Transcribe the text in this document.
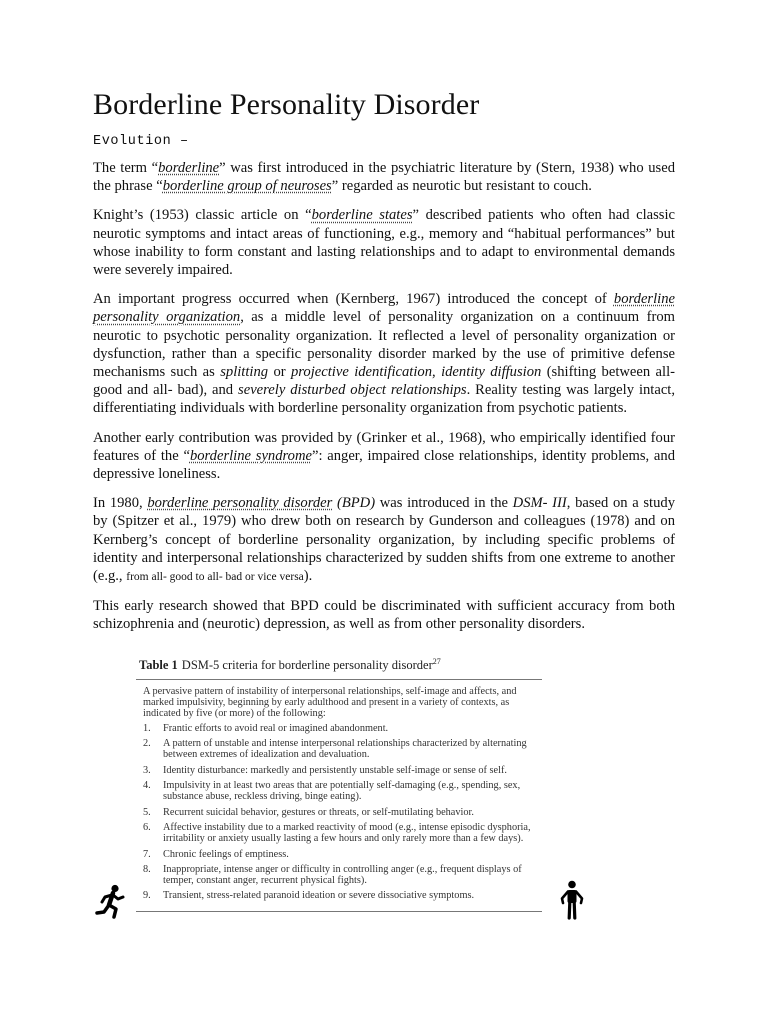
Borderline Personality Disorder
Evolution –

The term “borderline” was first introduced in the psychiatric literature by (Stern, 1938) who used the phrase “borderline group of neuroses” regarded as neurotic but resistant to couch.

Knight’s (1953) classic article on “borderline states” described patients who often had classic neurotic symptoms and intact areas of functioning, e.g., memory and “habitual performances” but whose inability to form constant and lasting relationships and to adapt to environmental demands were severely impaired.

An important progress occurred when (Kernberg, 1967) introduced the concept of borderline personality organization, as a middle level of personality organization on a continuum from neurotic to psychotic personality organization. It reflected a level of personality organization or dysfunction, rather than a specific personality disorder marked by the use of primitive defense mechanisms such as splitting or projective identification, identity diffusion (shifting between all- good and all- bad), and severely disturbed object relationships. Reality testing was largely intact, differentiating individuals with borderline personality organization from psychotic patients.

Another early contribution was provided by (Grinker et al., 1968), who empirically identified four features of the “borderline syndrome”: anger, impaired close relationships, identity problems, and depressive loneliness.

In 1980, borderline personality disorder (BPD) was introduced in the DSM- III, based on a study by (Spitzer et al., 1979) who drew both on research by Gunderson and colleagues (1978) and on Kernberg’s concept of borderline personality organization, by including specific problems of identity and interpersonal relationships characterized by sudden shifts from one extreme to another (e.g., from all- good to all- bad or vice versa).

This early research showed that BPD could be discriminated with sufficient accuracy from both schizophrenia and (neurotic) depression, as well as from other personality disorders.

Table 1 DSM-5 criteria for borderline personality disorder$^{27}$
A pervasive pattern of instability of interpersonal relationships, self-image and affects, and marked impulsivity, beginning by early adulthood and present in a variety of contexts, as indicated by five (or more) of the following:
1.	Frantic efforts to avoid real or imagined abandonment.
2.	A pattern of unstable and intense interpersonal relationships characterized by alternating between extremes of idealization and devaluation.
3.	Identity disturbance: markedly and persistently unstable self-image or sense of self.
4.	Impulsivity in at least two areas that are potentially self-damaging (e.g., spending, sex, substance abuse, reckless driving, binge eating).
5.	Recurrent suicidal behavior, gestures or threats, or self-mutilating behavior.
6.	Affective instability due to a marked reactivity of mood (e.g., intense episodic dysphoria, irritability or anxiety usually lasting a few hours and only rarely more than a few days).
7.	Chronic feelings of emptiness.
8.	Inappropriate, intense anger or difficulty in controlling anger (e.g., frequent displays of temper, constant anger, recurrent physical fights).
9.	Transient, stress-related paranoid ideation or severe dissociative symptoms.
